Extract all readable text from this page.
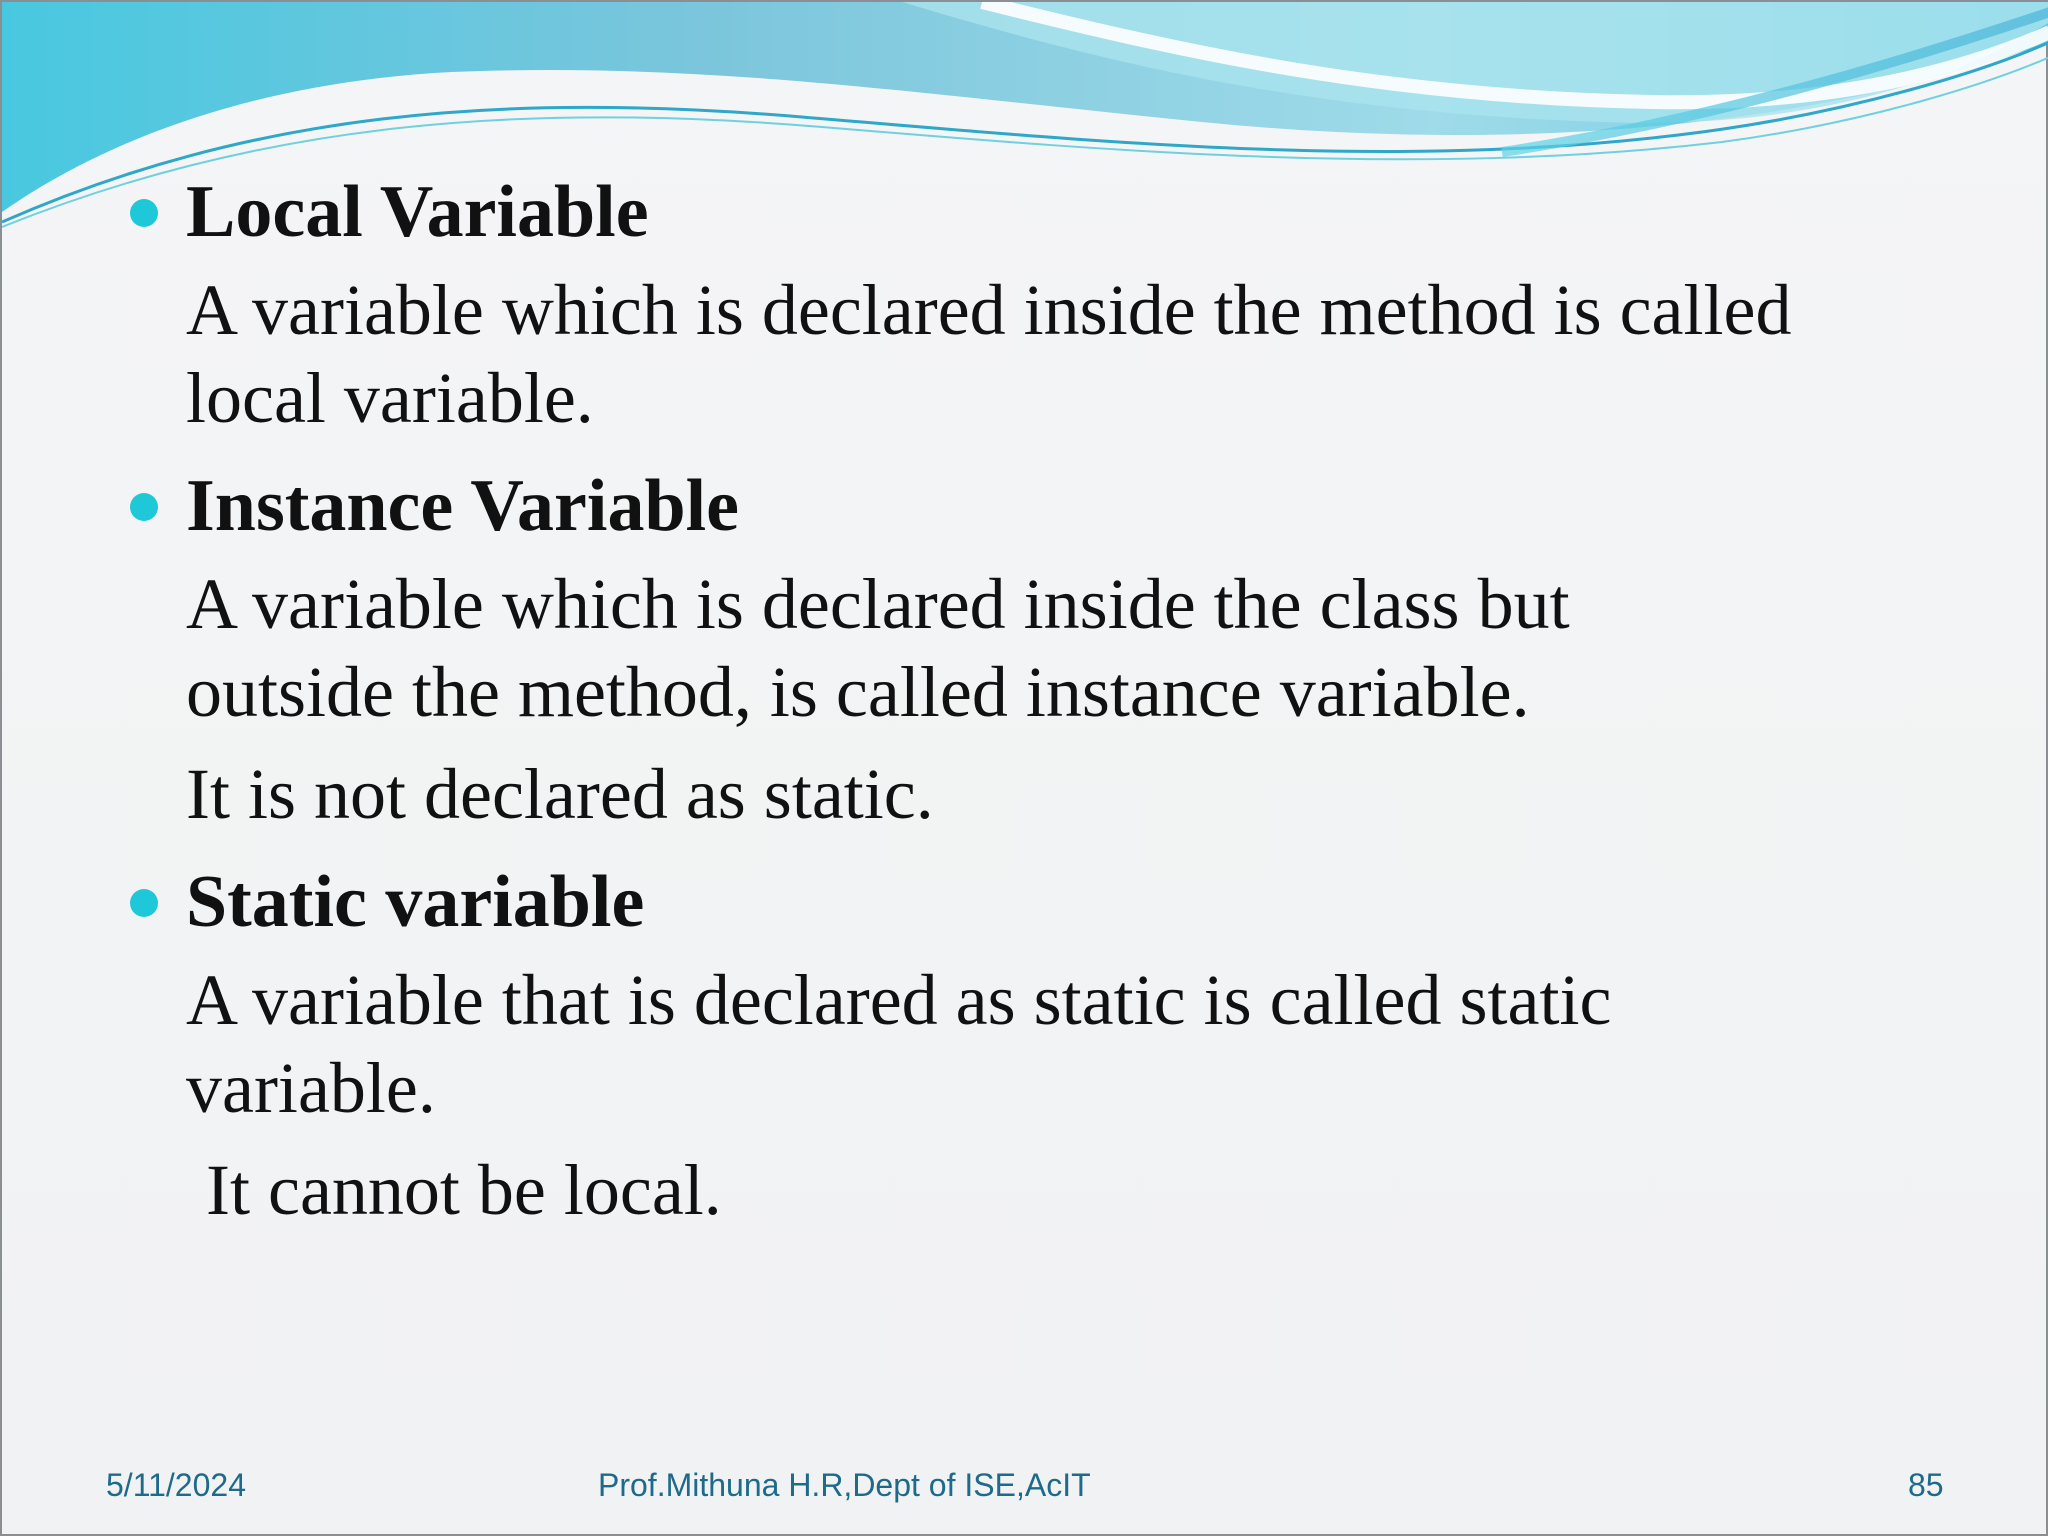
Local Variable

A variable which is declared inside the method is called local variable.

Instance Variable

A variable which is declared inside the class but outside the method, is called instance variable.

It is not declared as static.

Static variable

A variable that is declared as static is called static variable.

It cannot be local.

5/11/2024	Prof.Mithuna H.R,Dept of ISE,AcIT	85
